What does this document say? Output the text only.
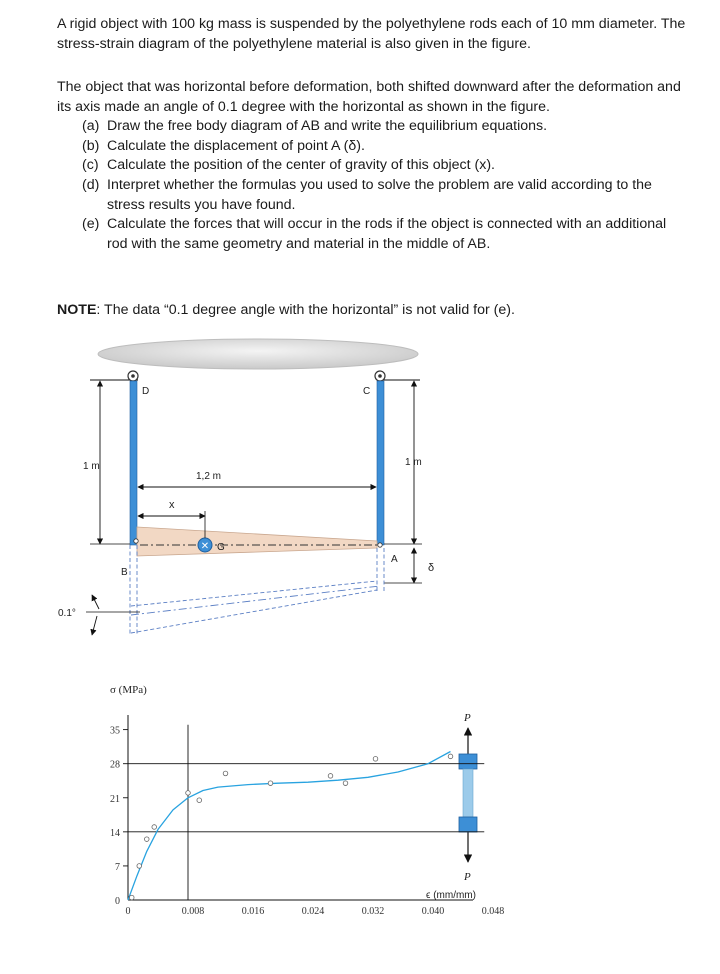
A rigid object with 100 kg mass is suspended by the polyethylene rods each of 10 mm diameter. The stress-strain diagram of the polyethylene material is also given in the figure.

The object that was horizontal before deformation, both shifted downward after the deformation and its axis made an angle of 0.1 degree with the horizontal as shown in the figure.

(a) Draw the free body diagram of AB and write the equilibrium equations.
(b) Calculate the displacement of point A (δ).
(c) Calculate the position of the center of gravity of this object (x).
(d) Interpret whether the formulas you used to solve the problem are valid according to the stress results you have found.
(e) Calculate the forces that will occur in the rods if the object is connected with an additional rod with the same geometry and material in the middle of AB.

NOTE: The data “0.1 degree angle with the horizontal” is not valid for (e).

✕ G
x
1,2 m
1 m	1 m
δ
D	C
A
B
0.1°
P
P
0
7
14
21
28
35
0	0.008	0.016	0.024	0.032	0.040	0.048
σ (MPa)
ϵ (mm/mm)
